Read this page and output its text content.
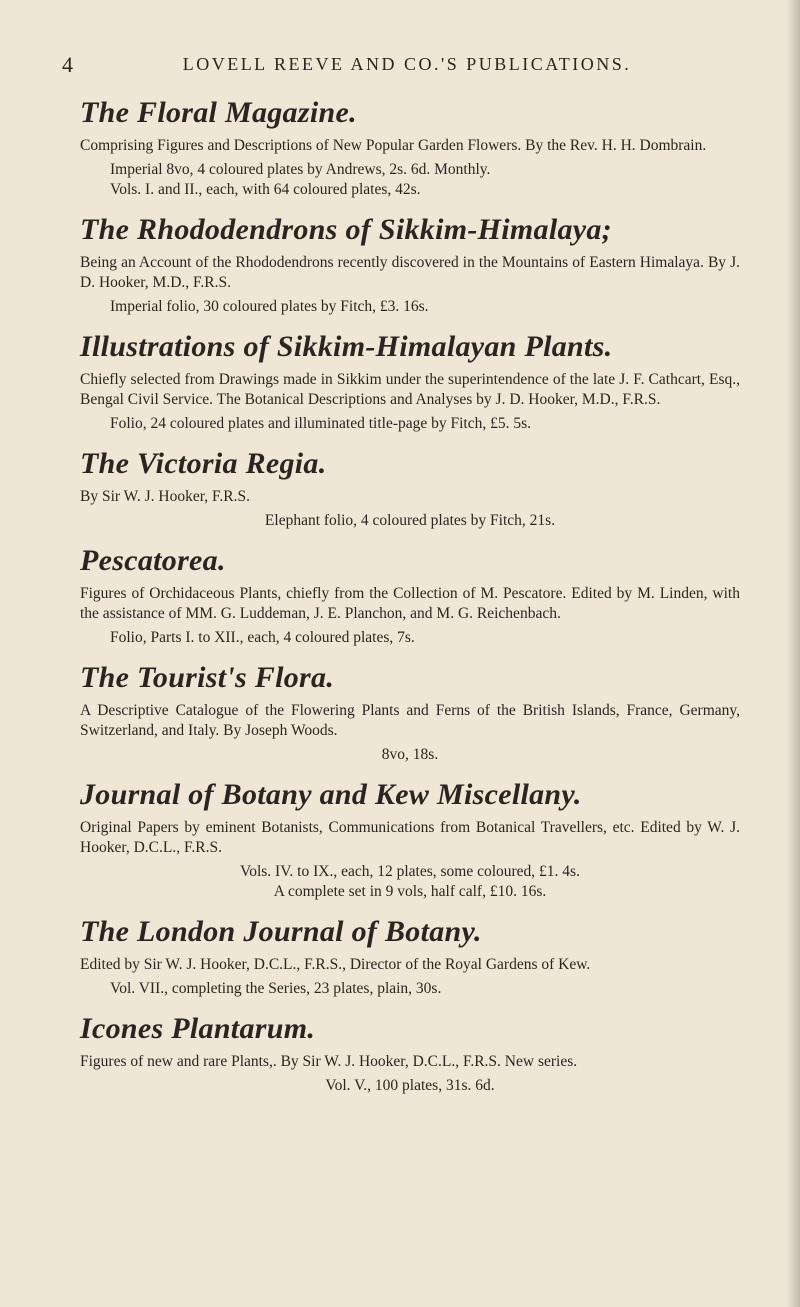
4	LOVELL REEVE AND CO.'S PUBLICATIONS.
The Floral Magazine.

Comprising Figures and Descriptions of New Popular Garden Flowers. By the Rev. H. H. Dombrain.

Imperial 8vo, 4 coloured plates by Andrews, 2s. 6d. Monthly.

Vols. I. and II., each, with 64 coloured plates, 42s.

The Rhododendrons of Sikkim-Himalaya;

Being an Account of the Rhododendrons recently discovered in the Mountains of Eastern Himalaya. By J. D. Hooker, M.D., F.R.S.

Imperial folio, 30 coloured plates by Fitch, £3. 16s.

Illustrations of Sikkim-Himalayan Plants.

Chiefly selected from Drawings made in Sikkim under the superintendence of the late J. F. Cathcart, Esq., Bengal Civil Service. The Botanical Descriptions and Analyses by J. D. Hooker, M.D., F.R.S.

Folio, 24 coloured plates and illuminated title-page by Fitch, £5. 5s.

The Victoria Regia.

By Sir W. J. Hooker, F.R.S.

Elephant folio, 4 coloured plates by Fitch, 21s.

Pescatorea.

Figures of Orchidaceous Plants, chiefly from the Collection of M. Pescatore. Edited by M. Linden, with the assistance of MM. G. Luddeman, J. E. Planchon, and M. G. Reichenbach.

Folio, Parts I. to XII., each, 4 coloured plates, 7s.

The Tourist's Flora.

A Descriptive Catalogue of the Flowering Plants and Ferns of the British Islands, France, Germany, Switzerland, and Italy. By Joseph Woods.

8vo, 18s.

Journal of Botany and Kew Miscellany.

Original Papers by eminent Botanists, Communications from Botanical Travellers, etc. Edited by W. J. Hooker, D.C.L., F.R.S.

Vols. IV. to IX., each, 12 plates, some coloured, £1. 4s.

A complete set in 9 vols, half calf, £10. 16s.

The London Journal of Botany.

Edited by Sir W. J. Hooker, D.C.L., F.R.S., Director of the Royal Gardens of Kew.

Vol. VII., completing the Series, 23 plates, plain, 30s.

Icones Plantarum.

Figures of new and rare Plants,. By Sir W. J. Hooker, D.C.L., F.R.S. New series.

Vol. V., 100 plates, 31s. 6d.
